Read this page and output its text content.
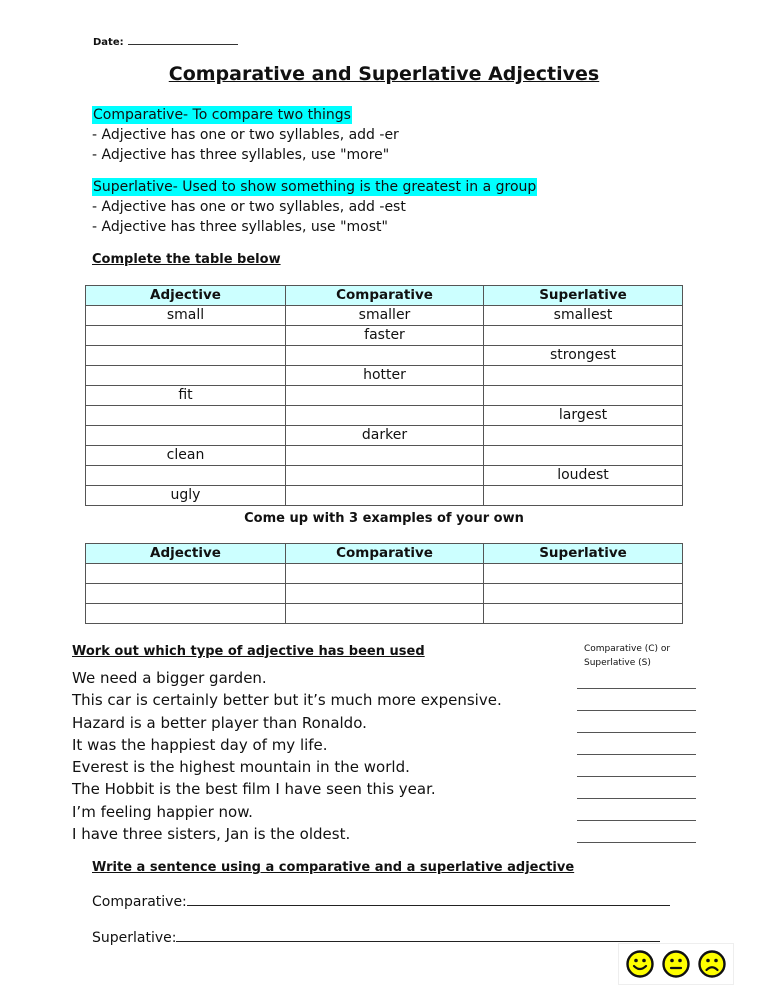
Date:
Comparative and Superlative Adjectives
Comparative- To compare two things
- Adjective has one or two syllables, add -er
- Adjective has three syllables, use "more"
Superlative- Used to show something is the greatest in a group
- Adjective has one or two syllables, add -est
- Adjective has three syllables, use "most"
Complete the table below
Adjective	Comparative	Superlative
small	smaller	smallest
	faster	
		strongest
	hotter	
fit		
		largest
	darker	
clean		
		loudest
ugly		
Come up with 3 examples of your own
Adjective	Comparative	Superlative

Work out which type of adjective has been used	Comparative (C) or
Superlative (S)
We need a bigger garden.
This car is certainly better but it’s much more expensive.
Hazard is a better player than Ronaldo.
It was the happiest day of my life.
Everest is the highest mountain in the world.
The Hobbit is the best film I have seen this year.
I’m feeling happier now.
I have three sisters, Jan is the oldest.
Write a sentence using a comparative and a superlative adjective
Comparative:
Superlative:
